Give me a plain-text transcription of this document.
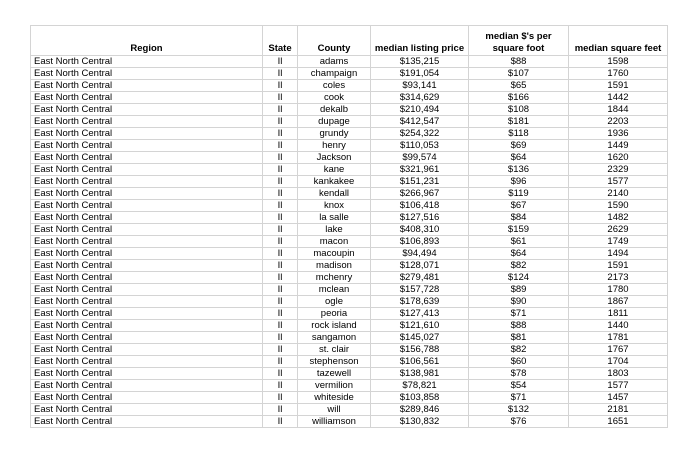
Region	State	County	median listing price	median $'s per square foot	median square feet
East North Central	Il	adams	$135,215	$88	1598
East North Central	Il	champaign	$191,054	$107	1760
East North Central	Il	coles	$93,141	$65	1591
East North Central	Il	cook	$314,629	$166	1442
East North Central	Il	dekalb	$210,494	$108	1844
East North Central	Il	dupage	$412,547	$181	2203
East North Central	Il	grundy	$254,322	$118	1936
East North Central	Il	henry	$110,053	$69	1449
East North Central	Il	Jackson	$99,574	$64	1620
East North Central	Il	kane	$321,961	$136	2329
East North Central	Il	kankakee	$151,231	$96	1577
East North Central	Il	kendall	$266,967	$119	2140
East North Central	Il	knox	$106,418	$67	1590
East North Central	Il	la salle	$127,516	$84	1482
East North Central	Il	lake	$408,310	$159	2629
East North Central	Il	macon	$106,893	$61	1749
East North Central	Il	macoupin	$94,494	$64	1494
East North Central	Il	madison	$128,071	$82	1591
East North Central	Il	mchenry	$279,481	$124	2173
East North Central	Il	mclean	$157,728	$89	1780
East North Central	Il	ogle	$178,639	$90	1867
East North Central	Il	peoria	$127,413	$71	1811
East North Central	Il	rock island	$121,610	$88	1440
East North Central	Il	sangamon	$145,027	$81	1781
East North Central	Il	st. clair	$156,788	$82	1767
East North Central	Il	stephenson	$106,561	$60	1704
East North Central	Il	tazewell	$138,981	$78	1803
East North Central	Il	vermilion	$78,821	$54	1577
East North Central	Il	whiteside	$103,858	$71	1457
East North Central	Il	will	$289,846	$132	2181
East North Central	Il	williamson	$130,832	$76	1651
